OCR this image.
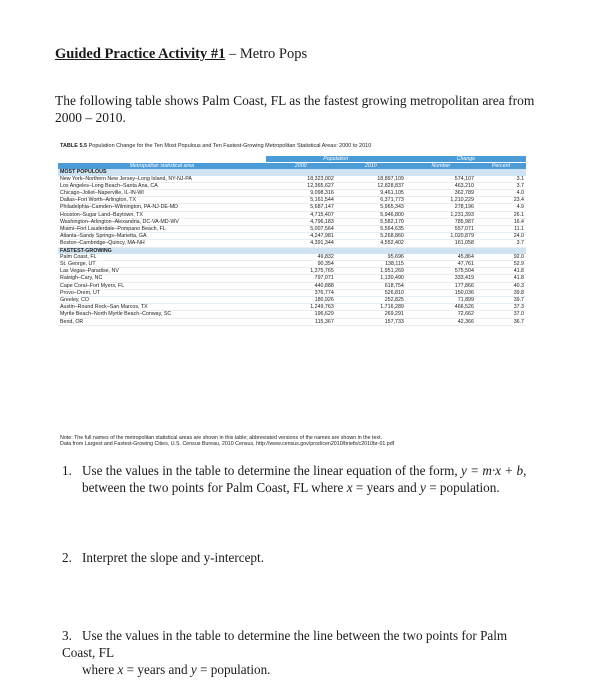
Guided Practice Activity #1 – Metro Pops
The following table shows Palm Coast, FL as the fastest growing metropolitan area from 2000 – 2010.
TABLE 5.5 Population Change for the Ten Most Populous and Ten Fastest-Growing Metropolitan Statistical Areas: 2000 to 2010
	Population		Change	
Metropolitan statistical area	2000	2010	Number	Percent
MOST POPULOUS				
New York–Northern New Jersey–Long Island, NY-NJ-PA	18,323,002	18,897,109	574,107	3.1
Los Angeles–Long Beach–Santa Ana, CA	12,365,627	12,828,837	463,210	3.7
Chicago–Joliet–Naperville, IL-IN-WI	9,098,316	9,461,105	362,789	4.0
Dallas–Fort Worth–Arlington, TX	5,161,544	6,371,773	1,210,229	23.4
Philadelphia–Camden–Wilmington, PA-NJ-DE-MD	5,687,147	5,965,343	278,196	4.9
Houston–Sugar Land–Baytown, TX	4,715,407	5,946,800	1,231,393	26.1
Washington–Arlington–Alexandria, DC-VA-MD-WV	4,796,183	5,582,170	785,987	16.4
Miami–Fort Lauderdale–Pompano Beach, FL	5,007,564	5,564,635	557,071	11.1
Atlanta–Sandy Springs–Marietta, GA	4,247,981	5,268,860	1,020,879	24.0
Boston–Cambridge–Quincy, MA-NH	4,391,344	4,552,402	161,058	3.7
FASTEST-GROWING				
Palm Coast, FL	49,832	95,696	45,864	92.0
St. George, UT	90,354	138,115	47,761	52.9
Las Vegas–Paradise, NV	1,375,765	1,951,269	575,504	41.8
Raleigh–Cary, NC	797,071	1,130,490	333,419	41.8
Cape Coral–Fort Myers, FL	440,888	618,754	177,866	40.3
Provo–Orem, UT	376,774	526,810	150,036	39.8
Greeley, CO	180,926	252,825	71,899	39.7
Austin–Round Rock–San Marcos, TX	1,249,763	1,716,289	466,526	37.3
Myrtle Beach–North Myrtle Beach–Conway, SC	196,629	269,291	72,662	37.0
Bend, OR	115,367	157,733	42,366	36.7
Note: The full names of the metropolitan statistical areas are shown in this table; abbreviated versions of the names are shown in the text.
Data from Largest and Fastest-Growing Cities, U.S. Census Bureau, 2010 Census, http://www.census.gov/prod/cen2010/briefs/c2010br-01.pdf
1. Use the values in the table to determine the linear equation of the form, y = m·x + b,
between the two points for Palm Coast, FL where x = years and y = population.
2. Interpret the slope and y-intercept.
3. Use the values in the table to determine the line between the two points for Palm Coast, FL
where x = years and y = population.
